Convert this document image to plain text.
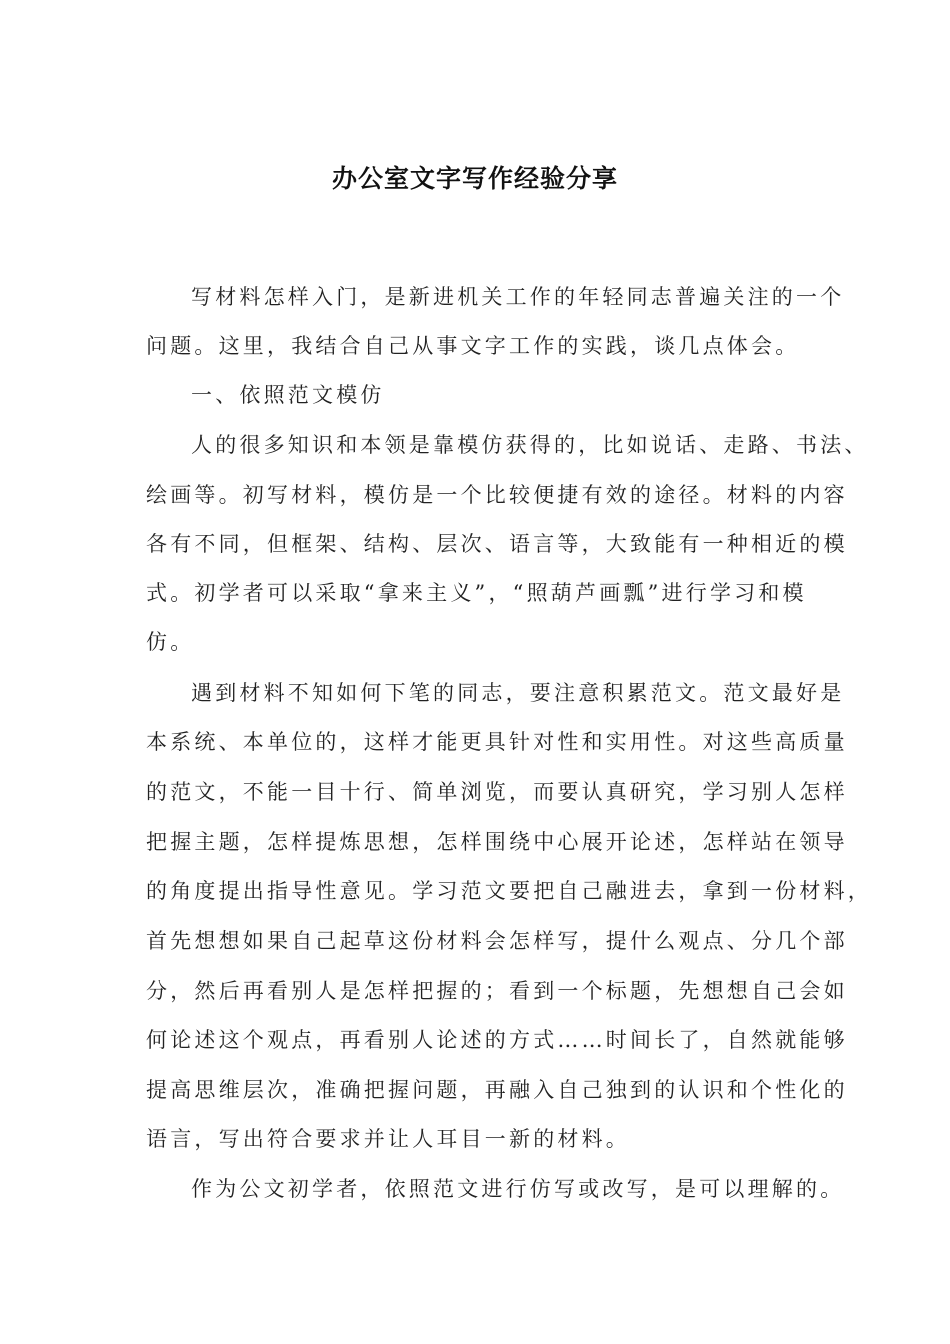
办公室文字写作经验分享
写材料怎样入门，是新进机关工作的年轻同志普遍关注的一个
问题。这里，我结合自己从事文字工作的实践，谈几点体会。
一、依照范文模仿
人的很多知识和本领是靠模仿获得的，比如说话、走路、书法、
绘画等。初写材料，模仿是一个比较便捷有效的途径。材料的内容
各有不同，但框架、结构、层次、语言等，大致能有一种相近的模
式。初学者可以采取“拿来主义”，“照葫芦画瓢”进行学习和模
仿。
遇到材料不知如何下笔的同志，要注意积累范文。范文最好是
本系统、本单位的，这样才能更具针对性和实用性。对这些高质量
的范文，不能一目十行、简单浏览，而要认真研究，学习别人怎样
把握主题，怎样提炼思想，怎样围绕中心展开论述，怎样站在领导
的角度提出指导性意见。学习范文要把自己融进去，拿到一份材料，
首先想想如果自己起草这份材料会怎样写，提什么观点、分几个部
分，然后再看别人是怎样把握的；看到一个标题，先想想自己会如
何论述这个观点，再看别人论述的方式……时间长了，自然就能够
提高思维层次，准确把握问题，再融入自己独到的认识和个性化的
语言，写出符合要求并让人耳目一新的材料。
作为公文初学者，依照范文进行仿写或改写，是可以理解的。
